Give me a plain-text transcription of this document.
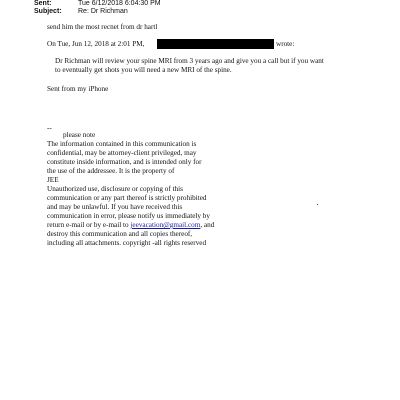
Sent:	Tue 6/12/2018 6:04:30 PM
Subject: Re: Dr Richman
send him the most recnet from dr hartl
On Tue, Jun 12, 2018 at 2:01 PM,	wrote:
Dr Richman will review your spine MRI from 3 years ago and give you a call but if you want
to eventually get shots you will need a new MRI of the spine.
Sent from my iPhone
--
please note
The information contained in this communication is
confidential, may be attorney-client privileged, may
constitute inside information, and is intended only for
the use of the addressee. It is the property of
JEE
Unauthorized use, disclosure or copying of this
communication or any part thereof is strictly prohibited
and may be unlawful. If you have received this
communication in error, please notify us immediately by
return e-mail or by e-mail to jeevacation@gmail.com, and
destroy this communication and all copies thereof,
including all attachments. copyright -all rights reserved
